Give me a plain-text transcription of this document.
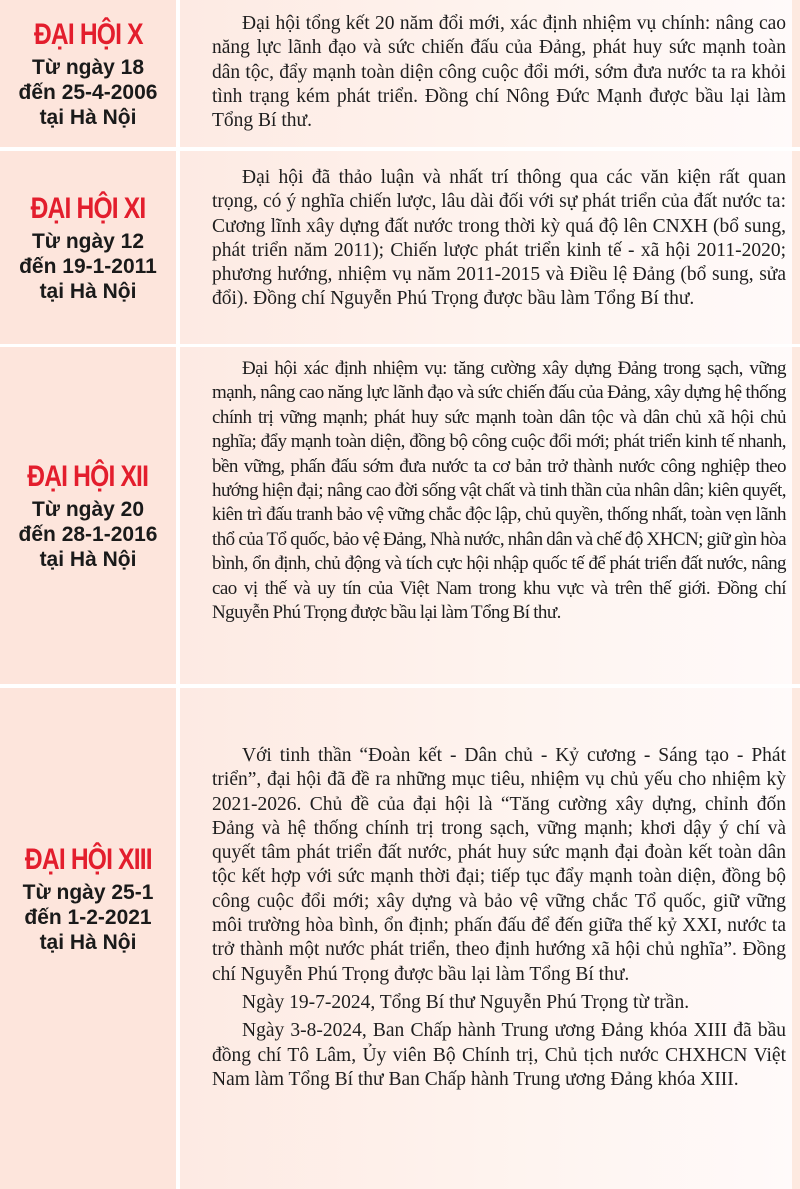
ĐẠI HỘI X
Từ ngày 18
đến 25-4-2006
tại Hà Nội

Đại hội tổng kết 20 năm đổi mới, xác định nhiệm vụ chính: nâng cao năng lực lãnh đạo và sức chiến đấu của Đảng, phát huy sức mạnh toàn dân tộc, đẩy mạnh toàn diện công cuộc đổi mới, sớm đưa nước ta ra khỏi tình trạng kém phát triển. Đồng chí Nông Đức Mạnh được bầu lại làm Tổng Bí thư.

ĐẠI HỘI XI
Từ ngày 12
đến 19-1-2011
tại Hà Nội

Đại hội đã thảo luận và nhất trí thông qua các văn kiện rất quan trọng, có ý nghĩa chiến lược, lâu dài đối với sự phát triển của đất nước ta: Cương lĩnh xây dựng đất nước trong thời kỳ quá độ lên CNXH (bổ sung, phát triển năm 2011); Chiến lược phát triển kinh tế - xã hội 2011-2020; phương hướng, nhiệm vụ năm 2011-2015 và Điều lệ Đảng (bổ sung, sửa đổi). Đồng chí Nguyễn Phú Trọng được bầu làm Tổng Bí thư.

ĐẠI HỘI XII
Từ ngày 20
đến 28-1-2016
tại Hà Nội

Đại hội xác định nhiệm vụ: tăng cường xây dựng Đảng trong sạch, vững mạnh, nâng cao năng lực lãnh đạo và sức chiến đấu của Đảng, xây dựng hệ thống chính trị vững mạnh; phát huy sức mạnh toàn dân tộc và dân chủ xã hội chủ nghĩa; đẩy mạnh toàn diện, đồng bộ công cuộc đổi mới; phát triển kinh tế nhanh, bền vững, phấn đấu sớm đưa nước ta cơ bản trở thành nước công nghiệp theo hướng hiện đại; nâng cao đời sống vật chất và tinh thần của nhân dân; kiên quyết, kiên trì đấu tranh bảo vệ vững chắc độc lập, chủ quyền, thống nhất, toàn vẹn lãnh thổ của Tổ quốc, bảo vệ Đảng, Nhà nước, nhân dân và chế độ XHCN; giữ gìn hòa bình, ổn định, chủ động và tích cực hội nhập quốc tế để phát triển đất nước, nâng cao vị thế và uy tín của Việt Nam trong khu vực và trên thế giới. Đồng chí Nguyễn Phú Trọng được bầu lại làm Tổng Bí thư.

ĐẠI HỘI XIII
Từ ngày 25-1
đến 1-2-2021
tại Hà Nội

Với tinh thần “Đoàn kết - Dân chủ - Kỷ cương - Sáng tạo - Phát triển”, đại hội đã đề ra những mục tiêu, nhiệm vụ chủ yếu cho nhiệm kỳ 2021-2026. Chủ đề của đại hội là “Tăng cường xây dựng, chỉnh đốn Đảng và hệ thống chính trị trong sạch, vững mạnh; khơi dậy ý chí và quyết tâm phát triển đất nước, phát huy sức mạnh đại đoàn kết toàn dân tộc kết hợp với sức mạnh thời đại; tiếp tục đẩy mạnh toàn diện, đồng bộ công cuộc đổi mới; xây dựng và bảo vệ vững chắc Tổ quốc, giữ vững môi trường hòa bình, ổn định; phấn đấu để đến giữa thế kỷ XXI, nước ta trở thành một nước phát triển, theo định hướng xã hội chủ nghĩa”. Đồng chí Nguyễn Phú Trọng được bầu lại làm Tổng Bí thư.

Ngày 19-7-2024, Tổng Bí thư Nguyễn Phú Trọng từ trần.

Ngày 3-8-2024, Ban Chấp hành Trung ương Đảng khóa XIII đã bầu đồng chí Tô Lâm, Ủy viên Bộ Chính trị, Chủ tịch nước CHXHCN Việt Nam làm Tổng Bí thư Ban Chấp hành Trung ương Đảng khóa XIII.
